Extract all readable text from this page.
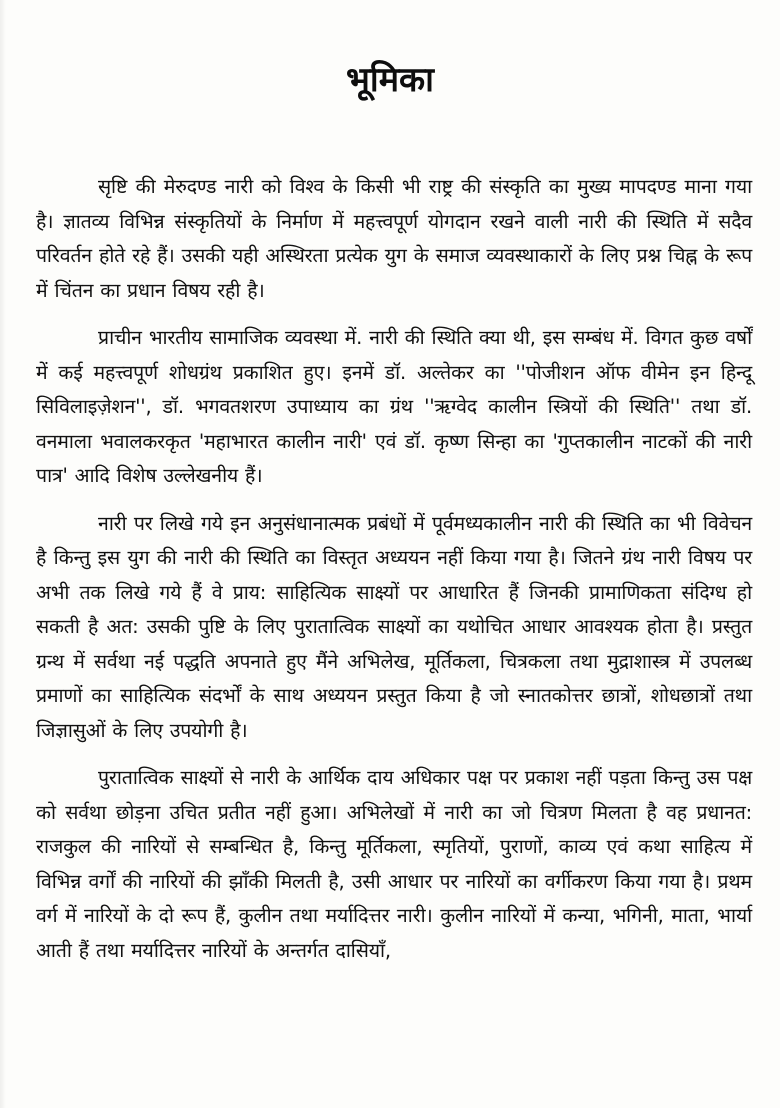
भूमिका

सृष्टि की मेरुदण्ड नारी को विश्व के किसी भी राष्ट्र की संस्कृति का मुख्य मापदण्ड माना गया है। ज्ञातव्य विभिन्न संस्कृतियों के निर्माण में महत्त्वपूर्ण योगदान रखने वाली नारी की स्थिति में सदैव परिवर्तन होते रहे हैं। उसकी यही अस्थिरता प्रत्येक युग के समाज व्यवस्थाकारों के लिए प्रश्न चिह्न के रूप में चिंतन का प्रधान विषय रही है।

प्राचीन भारतीय सामाजिक व्यवस्था में. नारी की स्थिति क्या थी, इस सम्बंध में. विगत कुछ वर्षों में कई महत्त्वपूर्ण शोधग्रंथ प्रकाशित हुए। इनमें डॉ. अल्तेकर का ''पोजीशन ऑफ वीमेन इन हिन्दू सिविलाइज़ेशन'', डॉ. भगवतशरण उपाध्याय का ग्रंथ ''ऋग्वेद कालीन स्त्रियों की स्थिति'' तथा डॉ. वनमाला भवालकरकृत 'महाभारत कालीन नारी' एवं डॉ. कृष्ण सिन्हा का 'गुप्तकालीन नाटकों की नारी पात्र' आदि विशेष उल्लेखनीय हैं।

नारी पर लिखे गये इन अनुसंधानात्मक प्रबंधों में पूर्वमध्यकालीन नारी की स्थिति का भी विवेचन है किन्तु इस युग की नारी की स्थिति का विस्तृत अध्ययन नहीं किया गया है। जितने ग्रंथ नारी विषय पर अभी तक लिखे गये हैं वे प्राय: साहित्यिक साक्ष्यों पर आधारित हैं जिनकी प्रामाणिकता संदिग्ध हो सकती है अत: उसकी पुष्टि के लिए पुरातात्विक साक्ष्यों का यथोचित आधार आवश्यक होता है। प्रस्तुत ग्रन्थ में सर्वथा नई पद्धति अपनाते हुए मैंने अभिलेख, मूर्तिकला, चित्रकला तथा मुद्राशास्त्र में उपलब्ध प्रमाणों का साहित्यिक संदर्भों के साथ अध्ययन प्रस्तुत किया है जो स्नातकोत्तर छात्रों, शोधछात्रों तथा जिज्ञासुओं के लिए उपयोगी है।

पुरातात्विक साक्ष्यों से नारी के आर्थिक दाय अधिकार पक्ष पर प्रकाश नहीं पड़ता किन्तु उस पक्ष को सर्वथा छोड़ना उचित प्रतीत नहीं हुआ। अभिलेखों में नारी का जो चित्रण मिलता है वह प्रधानत: राजकुल की नारियों से सम्बन्धित है, किन्तु मूर्तिकला, स्मृतियों, पुराणों, काव्य एवं कथा साहित्य में विभिन्न वर्गों की नारियों की झाँकी मिलती है, उसी आधार पर नारियों का वर्गीकरण किया गया है। प्रथम वर्ग में नारियों के दो रूप हैं, कुलीन तथा मर्यादित्तर नारी। कुलीन नारियों में कन्या, भगिनी, माता, भार्या आती हैं तथा मर्यादित्तर नारियों के अन्तर्गत दासियाँ,
